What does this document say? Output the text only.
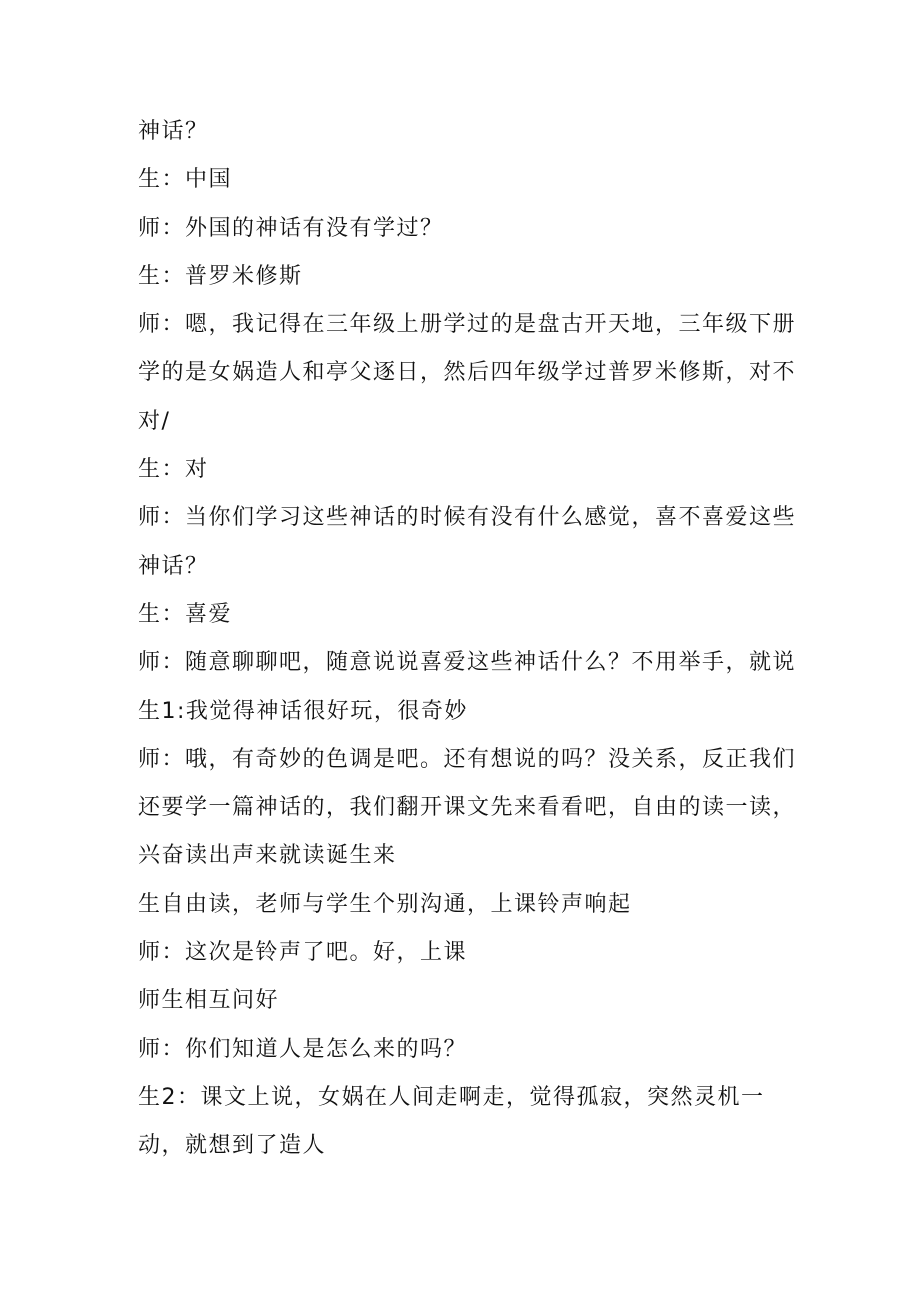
神话？
生：中国
师：外国的神话有没有学过？
生：普罗米修斯
师：嗯，我记得在三年级上册学过的是盘古开天地，三年级下册
学的是女娲造人和亭父逐日，然后四年级学过普罗米修斯，对不
对/
生：对
师：当你们学习这些神话的时候有没有什么感觉，喜不喜爱这些
神话？
生：喜爱
师：随意聊聊吧，随意说说喜爱这些神话什么？不用举手，就说
生1:我觉得神话很好玩，很奇妙
师：哦，有奇妙的色调是吧。还有想说的吗？没关系，反正我们
还要学一篇神话的，我们翻开课文先来看看吧，自由的读一读，
兴奋读出声来就读诞生来
生自由读，老师与学生个别沟通，上课铃声响起
师：这次是铃声了吧。好，上课
师生相互问好
师：你们知道人是怎么来的吗？
生2：课文上说，女娲在人间走啊走，觉得孤寂，突然灵机一
动，就想到了造人
